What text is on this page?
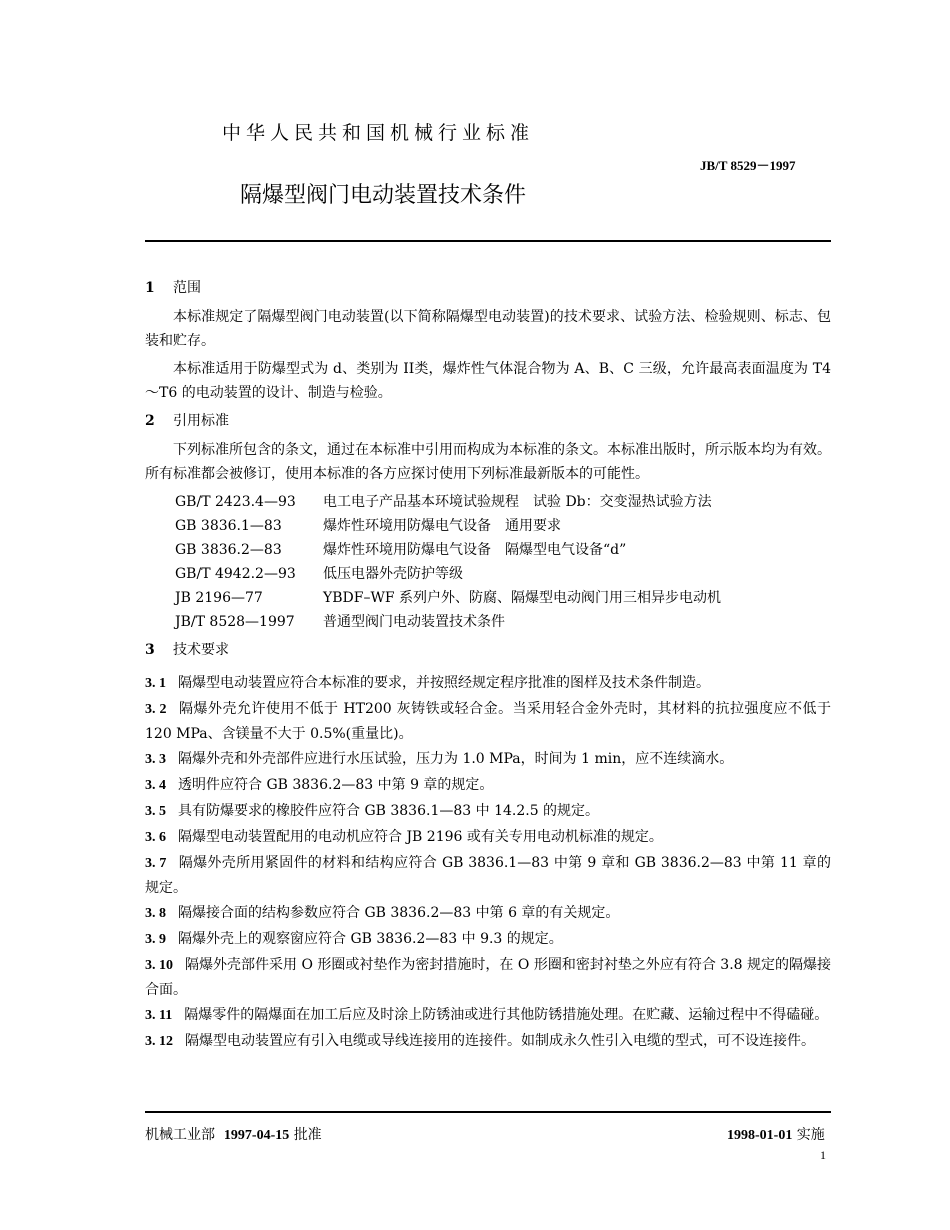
中华人民共和国机械行业标准
JB/T 8529－1997
隔爆型阀门电动装置技术条件
1 范围

本标准规定了隔爆型阀门电动装置(以下简称隔爆型电动装置)的技术要求、试验方法、检验规则、标志、包装和贮存。

本标准适用于防爆型式为 d、类别为 II类，爆炸性气体混合物为 A、B、C 三级，允许最高表面温度为 T4～T6 的电动装置的设计、制造与检验。

2 引用标准

下列标准所包含的条文，通过在本标准中引用而构成为本标准的条文。本标准出版时，所示版本均为有效。所有标准都会被修订，使用本标准的各方应探讨使用下列标准最新版本的可能性。

GB/T 2423.4—93 电工电子产品基本环境试验规程　试验 Db：交变湿热试验方法
GB 3836.1—83	爆炸性环境用防爆电气设备　通用要求
GB 3836.2—83	爆炸性环境用防爆电气设备　隔爆型电气设备“d”
GB/T 4942.2—93 低压电器外壳防护等级
JB 2196—77	YBDF–WF 系列户外、防腐、隔爆型电动阀门用三相异步电动机
JB/T 8528—1997 普通型阀门电动装置技术条件
3 技术要求
3. 1 隔爆型电动装置应符合本标准的要求，并按照经规定程序批准的图样及技术条件制造。
3. 2 隔爆外壳允许使用不低于 HT200 灰铸铁或轻合金。当采用轻合金外壳时，其材料的抗拉强度应不低于 120 MPa、含镁量不大于 0.5%(重量比)。
3. 3 隔爆外壳和外壳部件应进行水压试验，压力为 1.0 MPa，时间为 1 min，应不连续滴水。
3. 4 透明件应符合 GB 3836.2—83 中第 9 章的规定。
3. 5 具有防爆要求的橡胶件应符合 GB 3836.1—83 中 14.2.5 的规定。
3. 6 隔爆型电动装置配用的电动机应符合 JB 2196 或有关专用电动机标准的规定。
3. 7 隔爆外壳所用紧固件的材料和结构应符合 GB 3836.1—83 中第 9 章和 GB 3836.2—83 中第 11 章的规定。
3. 8 隔爆接合面的结构参数应符合 GB 3836.2—83 中第 6 章的有关规定。
3. 9 隔爆外壳上的观察窗应符合 GB 3836.2—83 中 9.3 的规定。
3. 10 隔爆外壳部件采用 O 形圈或衬垫作为密封措施时，在 O 形圈和密封衬垫之外应有符合 3.8 规定的隔爆接合面。
3. 11 隔爆零件的隔爆面在加工后应及时涂上防锈油或进行其他防锈措施处理。在贮藏、运输过程中不得磕碰。
3. 12 隔爆型电动装置应有引入电缆或导线连接用的连接件。如制成永久性引入电缆的型式，可不设连接件。
机械工业部 1997-04-15 批准	1998-01-01 实施
1
